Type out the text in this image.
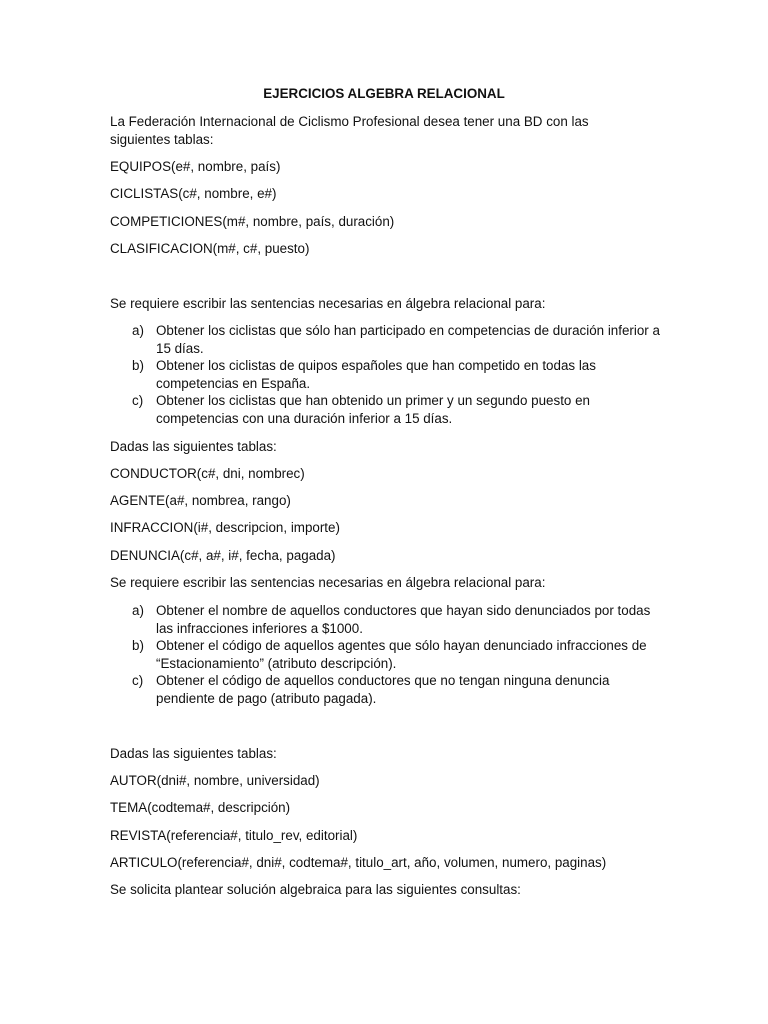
EJERCICIOS ALGEBRA RELACIONAL

La Federación Internacional de Ciclismo Profesional desea tener una BD con las siguientes tablas:

EQUIPOS(e#, nombre, país)

CICLISTAS(c#, nombre, e#)

COMPETICIONES(m#, nombre, país, duración)

CLASIFICACION(m#, c#, puesto)

Se requiere escribir las sentencias necesarias en álgebra relacional para:

a) Obtener los ciclistas que sólo han participado en competencias de duración inferior a 15 días.
b) Obtener los ciclistas de quipos españoles que han competido en todas las competencias en España.
c) Obtener los ciclistas que han obtenido un primer y un segundo puesto en competencias con una duración inferior a 15 días.

Dadas las siguientes tablas:

CONDUCTOR(c#, dni, nombrec)

AGENTE(a#, nombrea, rango)

INFRACCION(i#, descripcion, importe)

DENUNCIA(c#, a#, i#, fecha, pagada)

Se requiere escribir las sentencias necesarias en álgebra relacional para:

a) Obtener el nombre de aquellos conductores que hayan sido denunciados por todas las infracciones inferiores a $1000.
b) Obtener el código de aquellos agentes que sólo hayan denunciado infracciones de “Estacionamiento” (atributo descripción).
c) Obtener el código de aquellos conductores que no tengan ninguna denuncia pendiente de pago (atributo pagada).

Dadas las siguientes tablas:

AUTOR(dni#, nombre, universidad)

TEMA(codtema#, descripción)

REVISTA(referencia#, titulo_rev, editorial)

ARTICULO(referencia#, dni#, codtema#, titulo_art, año, volumen, numero, paginas)

Se solicita plantear solución algebraica para las siguientes consultas:
